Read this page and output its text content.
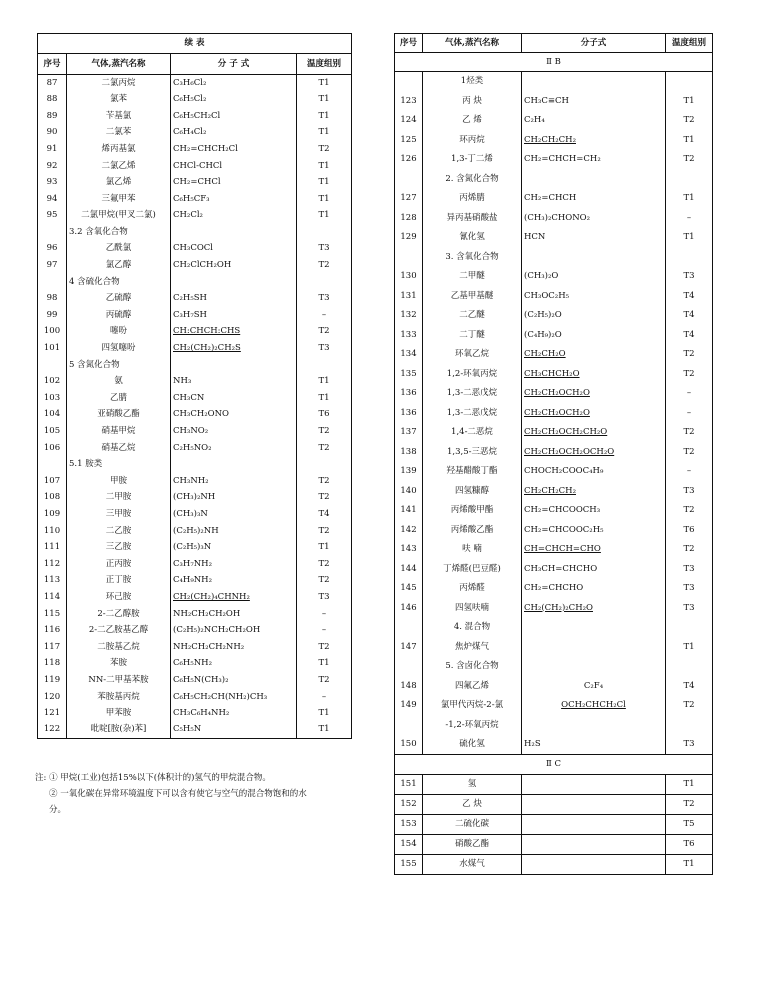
续 表			
序号	气体,蒸汽名称	分 子 式	温度组别
87	二氯丙烷	C₃H₆Cl₂	T1
88	氯苯	C₆H₅Cl₂	T1
89	苄基氯	C₆H₅CH₂Cl	T1
90	二氯苯	C₆H₄Cl₂	T1
91	烯丙基氯	CH₂=CHCH₂Cl	T2
92	二氯乙烯	CHCl-CHCl	T1
93	氯乙烯	CH₂=CHCl	T1
94	三氟甲苯	C₆H₅CF₃	T1
95	二氯甲烷(甲叉二氯)	CH₂Cl₂	T1
	3.2 含氧化合物		
96	乙酰氯	CH₃COCl	T3
97	氯乙醇	CH₂ClCH₂OH	T2
	4 含硫化合物		
98	乙硫醇	C₂H₅SH	T3
99	丙硫醇	C₃H₇SH	–
100	噻吩	CH:CHCH:CHS	T2
101	四氢噻吩	CH₂(CH₂)₂CH₂S	T3
	5 含氮化合物		
102	氨	NH₃	T1
103	乙腈	CH₃CN	T1
104	亚硝酸乙酯	CH₃CH₂ONO	T6
105	硝基甲烷	CH₃NO₂	T2
106	硝基乙烷	C₂H₅NO₂	T2
	5.1 胺类		
107	甲胺	CH₃NH₂	T2
108	二甲胺	(CH₃)₂NH	T2
109	三甲胺	(CH₃)₃N	T4
110	二乙胺	(C₂H₅)₂NH	T2
111	三乙胺	(C₂H₅)₃N	T1
112	正丙胺	C₃H₇NH₂	T2
113	正丁胺	C₄H₉NH₂	T2
114	环己胺	CH₂(CH₂)₄CHNH₂	T3
115	2-二乙醇胺	NH₂CH₂CH₂OH	–
116	2-二乙胺基乙醇	(C₂H₅)₂NCH₂CH₂OH	–
117	二胺基乙烷	NH₂CH₂CH₂NH₂	T2
118	苯胺	C₆H₅NH₂	T1
119	NN-二甲基苯胺	C₆H₅N(CH₃)₂	T2
120	苯胺基丙烷	C₆H₅CH₂CH(NH₂)CH₃	–
121	甲苯胺	CH₃C₆H₄NH₂	T1
122	吡啶[胺(杂)苯]	C₅H₅N	T1
注: ① 甲烷(工业)包括15%以下(体积计的)氢气的甲烷混合物。
② 一氧化碳在异常环境温度下可以含有使它与空气的混合物饱和的水
分。
序号	气体,蒸汽名称	分子式	温度组别
Ⅱ B			
	1烃类		
123	丙 炔	CH₃C≡CH	T1
124	乙 烯	C₂H₄	T2
125	环丙烷	CH₂CH₂CH₂	T1
126	1,3-丁二烯	CH₂=CHCH=CH₂	T2
	2. 含氮化合物		
127	丙烯腈	CH₂=CHCH	T1
128	异丙基硝酸盐	(CH₃)₂CHONO₂	–
129	氰化氢	HCN	T1
	3. 含氧化合物		
130	二甲醚	(CH₃)₂O	T3
131	乙基甲基醚	CH₃OC₂H₅	T4
132	二乙醚	(C₂H₅)₂O	T4
133	二丁醚	(C₄H₉)₂O	T4
134	环氧乙烷	CH₂CH₂O	T2
135	1,2-环氧丙烷	CH₃CHCH₂O	T2
136	1,3-二恶戊烷	CH₂CH₂OCH₂O	–
136	1,3-二恶戊烷	CH₂CH₂OCH₂O	–
137	1,4-二恶烷	CH₂CH₂OCH₂CH₂O	T2
138	1,3,5-三恶烷	CH₂CH₂OCH₂OCH₂O	T2
139	羟基醋酸丁酯	CHOCH₂COOC₄H₉	–
140	四氢糠醇	CH₂CH₂CH₂	T3
141	丙烯酸甲酯	CH₂=CHCOOCH₃	T2
142	丙烯酸乙酯	CH₂=CHCOOC₂H₅	T6
143	呋 喃	CH=CHCH=CHO	T2
144	丁烯醛(巴豆醛)	CH₃CH=CHCHO	T3
145	丙烯醛	CH₂=CHCHO	T3
146	四氢呋喃	CH₂(CH₂)₂CH₂O	T3
	4. 混合物		
147	焦炉煤气		T1
	5. 含卤化合物		
148	四氟乙烯	C₂F₄	T4
149	氯甲代丙烷-2-氯	OCH₂CHCH₂Cl	T2
	-1,2-环氧丙烷		
150	硫化氢	H₂S	T3
Ⅱ C			
151	氢		T1
152	乙 炔		T2
153	二硫化碳		T5
154	硝酸乙酯		T6
155	水煤气		T1
